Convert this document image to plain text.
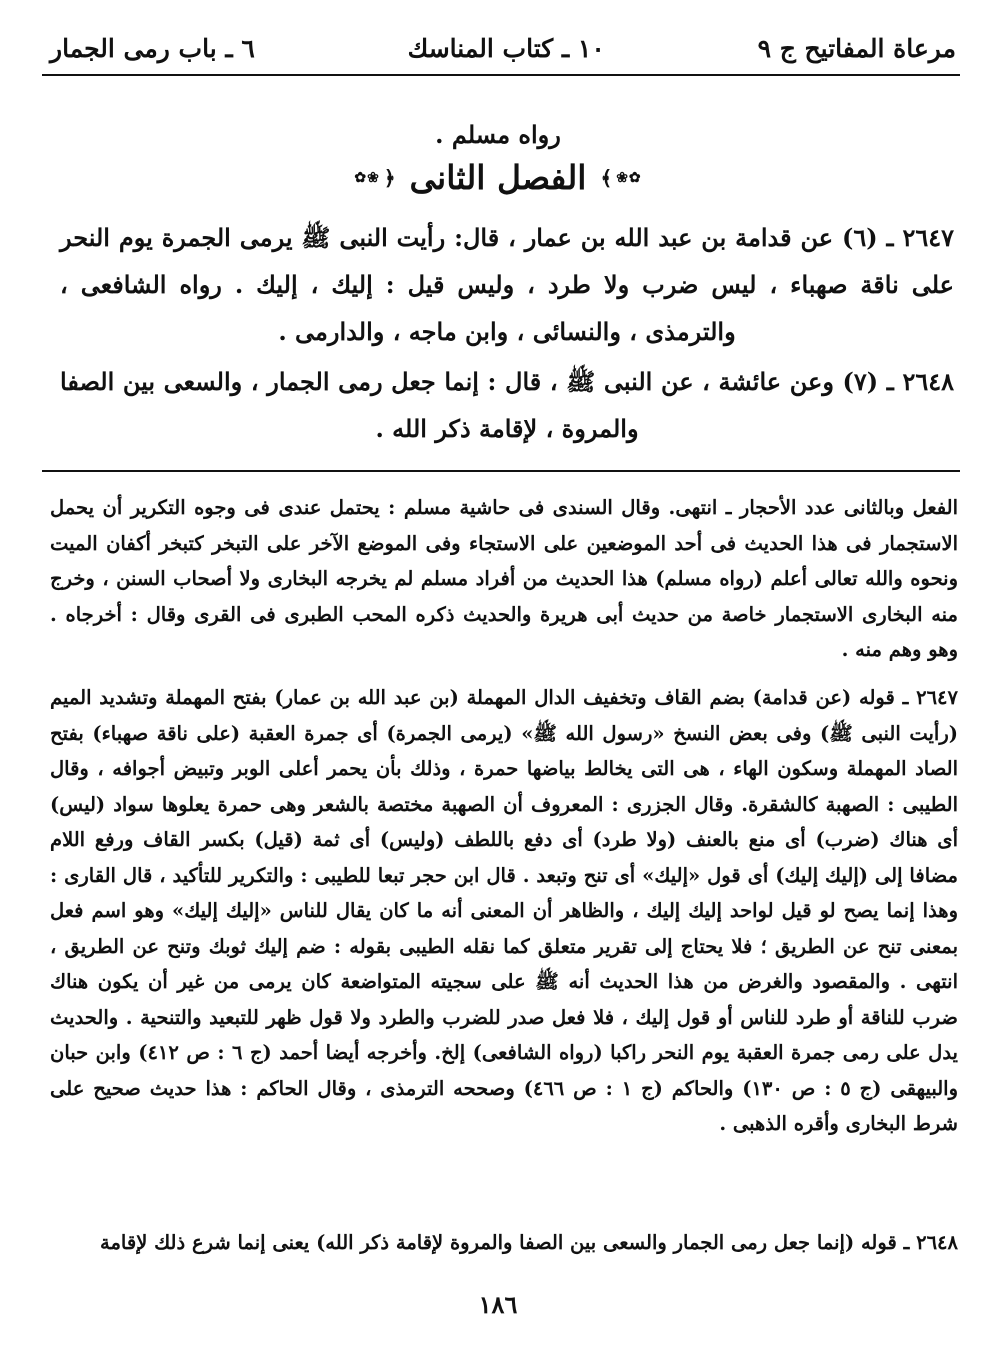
مرعاة المفاتيح ج ٩
١٠ ـ كتاب المناسك
٦ ـ باب رمى الجمار
رواه مسلم .
✿❀
﴾
الفصل الثانى
﴿
❀✿

٢٦٤٧ ـ (٦) عن قدامة بن عبد الله بن عمار ، قال: رأيت النبى ﷺ يرمى الجمرة يوم النحر على ناقة صهباء ، ليس ضرب ولا طرد ، وليس قيل : إليك ، إليك . رواه الشافعى ، والترمذى ، والنسائى ، وابن ماجه ، والدارمى .

٢٦٤٨ ـ (٧) وعن عائشة ، عن النبى ﷺ ، قال : إنما جعل رمى الجمار ، والسعى بين الصفا والمروة ، لإقامة ذكر الله .

الفعل وبالثانى عدد الأحجار ـ انتهى. وقال السندى فى حاشية مسلم : يحتمل عندى فى وجوه التكرير أن يحمل الاستجمار فى هذا الحديث فى أحد الموضعين على الاستجاء وفى الموضع الآخر على التبخر كتبخر أكفان الميت ونحوه والله تعالى أعلم (رواه مسلم) هذا الحديث من أفراد مسلم لم يخرجه البخارى ولا أصحاب السنن ، وخرج منه البخارى الاستجمار خاصة من حديث أبى هريرة والحديث ذكره المحب الطبرى فى القرى وقال : أخرجاه . وهو وهم منه .

٢٦٤٧ ـ قوله (عن قدامة) بضم القاف وتخفيف الدال المهملة (بن عبد الله بن عمار) بفتح المهملة وتشديد الميم (رأيت النبى ﷺ) وفى بعض النسخ «رسول الله ﷺ» (يرمى الجمرة) أى جمرة العقبة (على ناقة صهباء) بفتح الصاد المهملة وسكون الهاء ، هى التى يخالط بياضها حمرة ، وذلك بأن يحمر أعلى الوبر وتبيض أجوافه ، وقال الطيبى : الصهبة كالشقرة. وقال الجزرى : المعروف أن الصهبة مختصة بالشعر وهى حمرة يعلوها سواد (ليس) أى هناك (ضرب) أى منع بالعنف (ولا طرد) أى دفع باللطف (وليس) أى ثمة (قيل) بكسر القاف ورفع اللام مضافا إلى (إليك إليك) أى قول «إليك» أى تنح وتبعد . قال ابن حجر تبعا للطيبى : والتكرير للتأكيد ، قال القارى : وهذا إنما يصح لو قيل لواحد إليك إليك ، والظاهر أن المعنى أنه ما كان يقال للناس «إليك إليك» وهو اسم فعل بمعنى تنح عن الطريق ؛ فلا يحتاج إلى تقرير متعلق كما نقله الطيبى بقوله : ضم إليك ثوبك وتنح عن الطريق ، انتهى . والمقصود والغرض من هذا الحديث أنه ﷺ على سجيته المتواضعة كان يرمى من غير أن يكون هناك ضرب للناقة أو طرد للناس أو قول إليك ، فلا فعل صدر للضرب والطرد ولا قول ظهر للتبعيد والتنحية . والحديث يدل على رمى جمرة العقبة يوم النحر راكبا (رواه الشافعى) إلخ. وأخرجه أيضا أحمد (ج ٦ : ص ٤١٢) وابن حبان والبيهقى (ج ٥ : ص ١٣٠) والحاكم (ج ١ : ص ٤٦٦) وصححه الترمذى ، وقال الحاكم : هذا حديث صحيح على شرط البخارى وأقره الذهبى .

٢٦٤٨ ـ قوله (إنما جعل رمى الجمار والسعى بين الصفا والمروة لإقامة ذكر الله) يعنى إنما شرع ذلك لإقامة

١٨٦
